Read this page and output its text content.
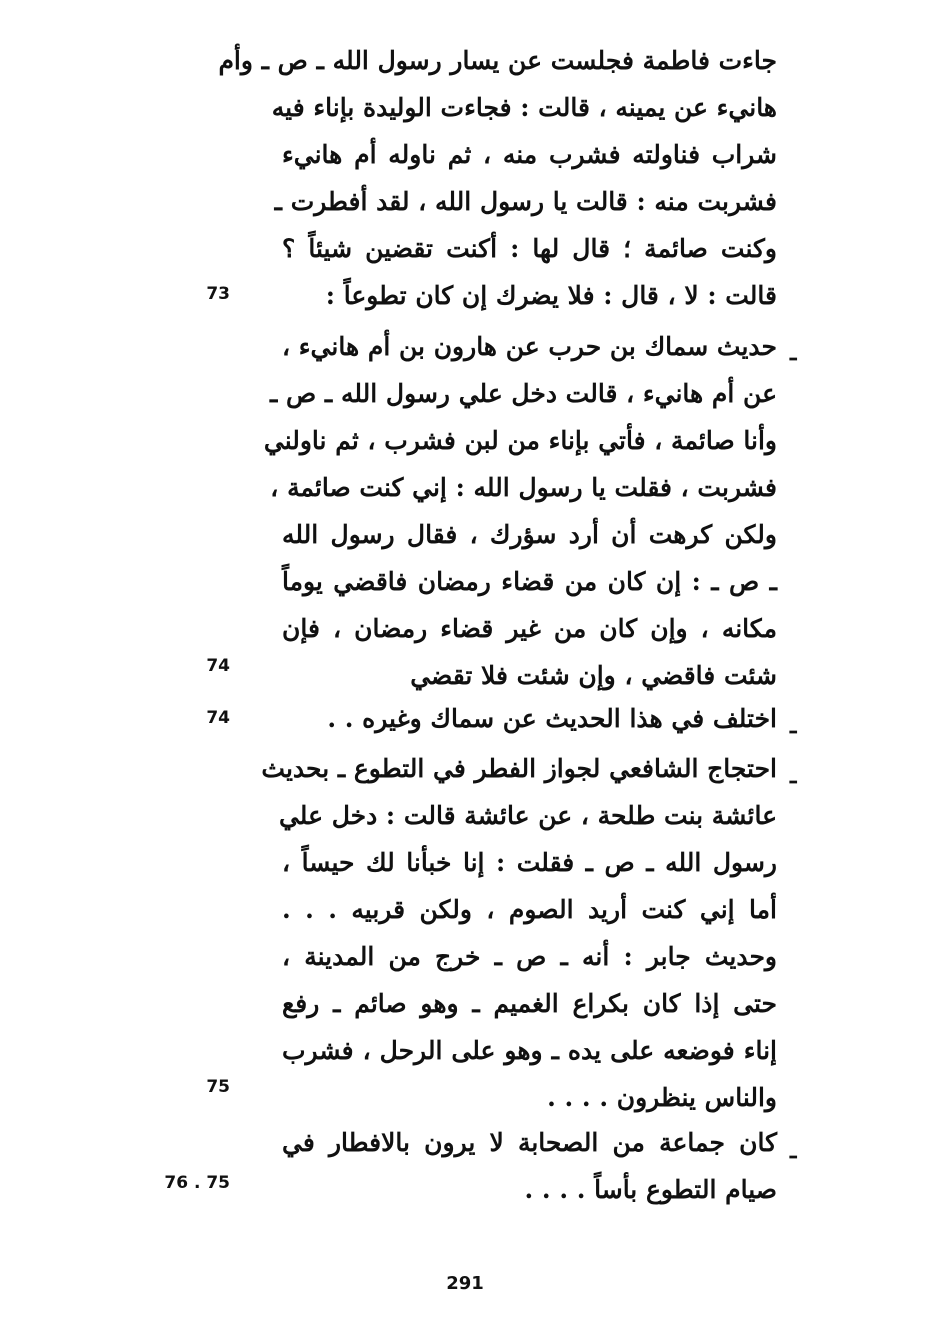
جاءت فاطمة فجلست عن يسار رسول الله ـ ص ـ وأم
هانيء عن يمينه ، قالت : فجاءت الوليدة بإناء فيه
شراب فناولته فشرب منه ، ثم ناوله أم هانيء
فشربت منه : قالت يا رسول الله ، لقد أفطرت ـ
وكنت صائمة ؛ قال لها : أكنت تقضين شيئاً ؟
قالت : لا ، قال : فلا يضرك إن كان تطوعاً :
73
ـ
حديث سماك بن حرب عن هارون بن أم هانيء ،
عن أم هانيء ، قالت دخل علي رسول الله ـ ص ـ
وأنا صائمة ، فأتي بإناء من لبن فشرب ، ثم ناولني
فشربت ، فقلت يا رسول الله : إني كنت صائمة ،
ولكن كرهت أن أرد سؤرك ، فقال رسول الله
ـ ص ـ : إن كان من قضاء رمضان فاقضي يوماً
مكانه ، وإن كان من غير قضاء رمضان ، فإن
شئت فاقضي ، وإن شئت فلا تقضي
74
ـ
اختلف في هذا الحديث عن سماك وغيره . .
74
ـ
احتجاج الشافعي لجواز الفطر في التطوع ـ بحديث
عائشة بنت طلحة ، عن عائشة قالت : دخل علي
رسول الله ـ ص ـ فقلت : إنا خبأنا لك حيساً ،
أما إني كنت أريد الصوم ، ولكن قربيه . . .
وحديث جابر : أنه ـ ص ـ خرج من المدينة ،
حتى إذا كان بكراع الغميم ـ وهو صائم ـ رفع
إناء فوضعه على يده ـ وهو على الرحل ، فشرب
والناس ينظرون . . . .
75
ـ
كان جماعة من الصحابة لا يرون بالافطار في
صيام التطوع بأساً . . . .
76 . 75
291
